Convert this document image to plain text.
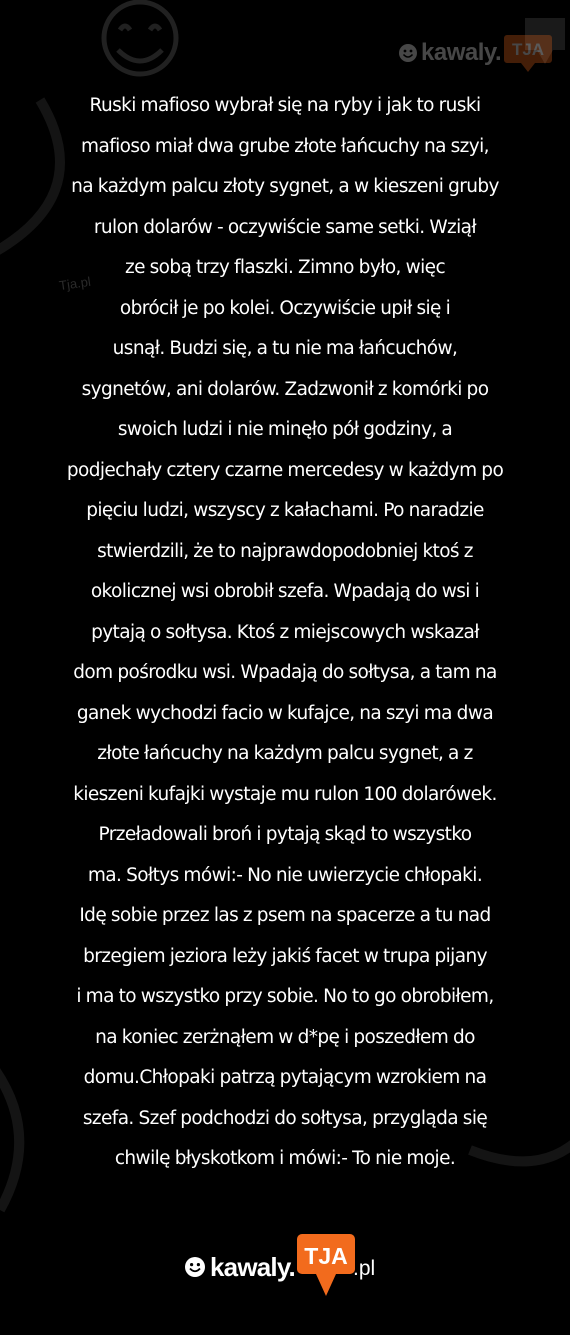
kawaly. TJA
Tja.pl
Ruski mafioso wybrał się na ryby i jak to ruski
mafioso miał dwa grube złote łańcuchy na szyi,
na każdym palcu złoty sygnet, a w kieszeni gruby
rulon dolarów - oczywiście same setki. Wziął
ze sobą trzy flaszki. Zimno było, więc
obrócił je po kolei. Oczywiście upił się i
usnął. Budzi się, a tu nie ma łańcuchów,
sygnetów, ani dolarów. Zadzwonił z komórki po
swoich ludzi i nie minęło pół godziny, a
podjechały cztery czarne mercedesy w każdym po
pięciu ludzi, wszyscy z kałachami. Po naradzie
stwierdzili, że to najprawdopodobniej ktoś z
okolicznej wsi obrobił szefa. Wpadają do wsi i
pytają o sołtysa. Ktoś z miejscowych wskazał
dom pośrodku wsi. Wpadają do sołtysa, a tam na
ganek wychodzi facio w kufajce, na szyi ma dwa
złote łańcuchy na każdym palcu sygnet, a z
kieszeni kufajki wystaje mu rulon 100 dolarówek.
Przeładowali broń i pytają skąd to wszystko
ma. Sołtys mówi:- No nie uwierzycie chłopaki.
Idę sobie przez las z psem na spacerze a tu nad
brzegiem jeziora leży jakiś facet w trupa pijany
i ma to wszystko przy sobie. No to go obrobiłem,
na koniec zerżnąłem w d*pę i poszedłem do
domu.Chłopaki patrzą pytającym wzrokiem na
szefa. Szef podchodzi do sołtysa, przygląda się
chwilę błyskotkom i mówi:- To nie moje.
kawaly. TJA .pl
